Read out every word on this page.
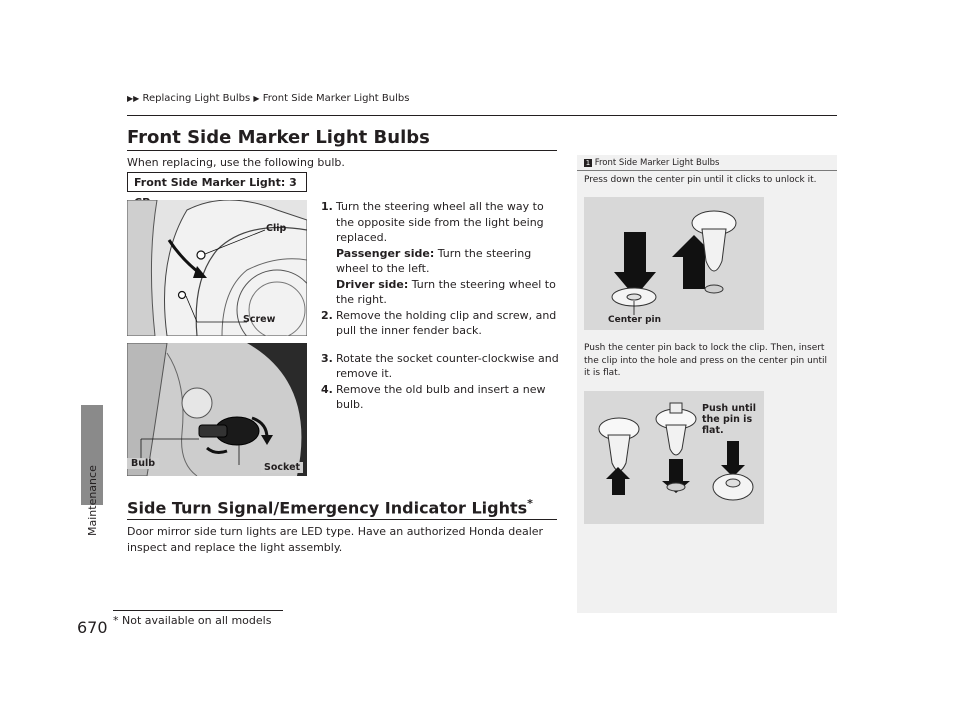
Maintenance
670
▶▶ Replacing Light Bulbs ▶ Front Side Marker Light Bulbs
Front Side Marker Light Bulbs
When replacing, use the following bulb.
Front Side Marker Light: 3
1. Turn the steering wheel all the way to the opposite side from the light being replaced.
Passenger side: Turn the steering wheel to the left.
Driver side: Turn the steering wheel to the right.
2. Remove the holding clip and screw, and pull the inner fender back.
3. Rotate the socket counter-clockwise and remove it.
4. Remove the old bulb and insert a new bulb.
Clip
Screw
Bulb	Socket
Side Turn Signal/Emergency Indicator Lights*
Door mirror side turn lights are LED type. Have an authorized Honda dealer inspect and replace the light assembly.
1 Front Side Marker Light Bulbs
Press down the center pin until it clicks to unlock it.
Center pin
Push the center pin back to lock the clip. Then, insert the clip into the hole and press on the center pin until it is flat.
Push until the pin is flat.
* Not available on all models
